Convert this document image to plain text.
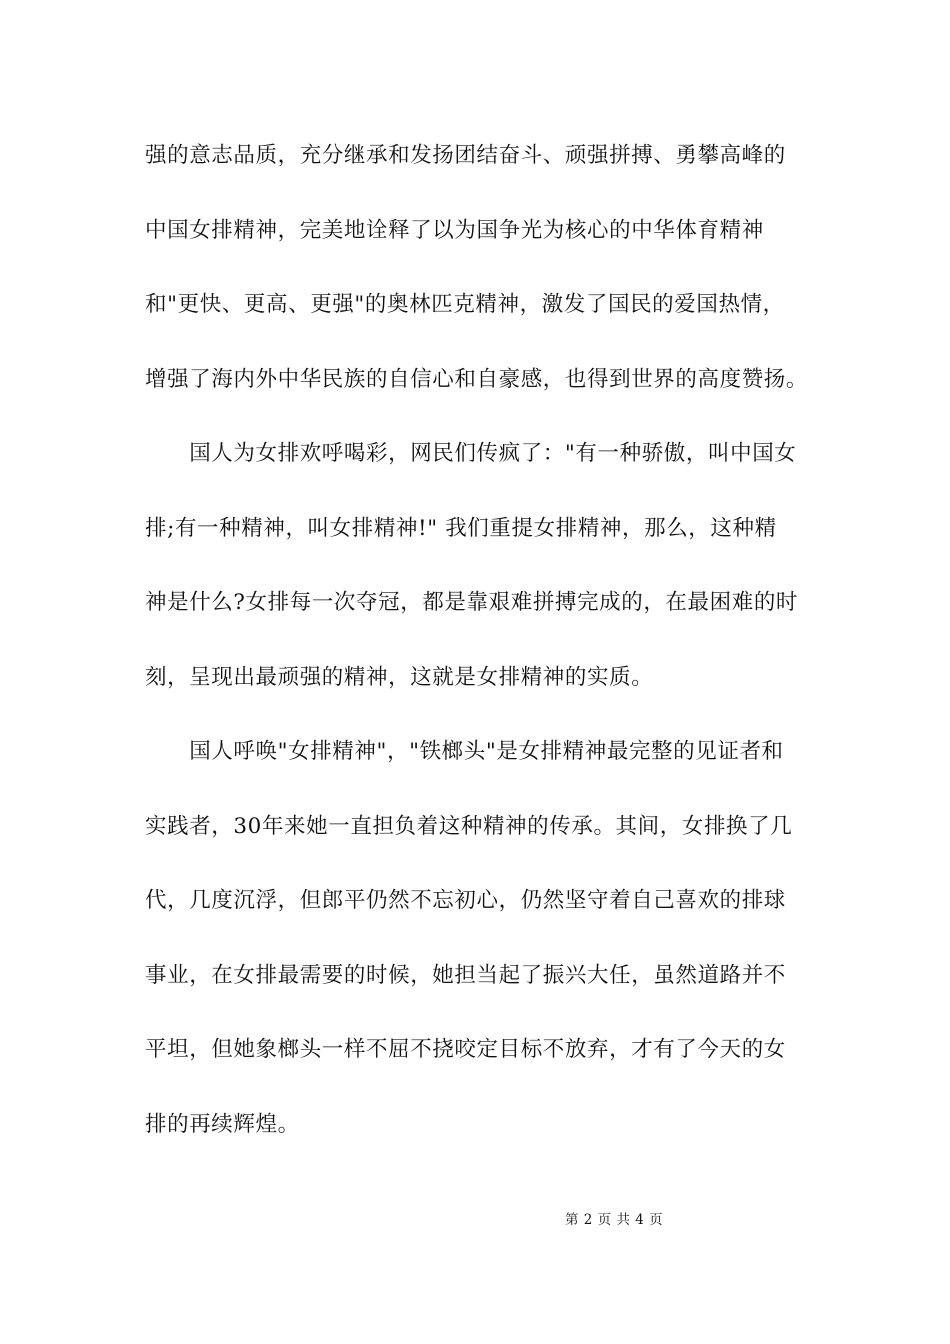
强的意志品质，充分继承和发扬团结奋斗、顽强拼搏、勇攀高峰的
中国女排精神，完美地诠释了以为国争光为核心的中华体育精神
和"更快、更高、更强"的奥林匹克精神，激发了国民的爱国热情，
增强了海内外中华民族的自信心和自豪感，也得到世界的高度赞扬。
　　国人为女排欢呼喝彩，网民们传疯了："有一种骄傲，叫中国女
排;有一种精神，叫女排精神!" 我们重提女排精神，那么，这种精
神是什么?女排每一次夺冠，都是靠艰难拼搏完成的，在最困难的时
刻，呈现出最顽强的精神，这就是女排精神的实质。
　　国人呼唤"女排精神"，"铁榔头"是女排精神最完整的见证者和
实践者，30年来她一直担负着这种精神的传承。其间，女排换了几
代，几度沉浮，但郎平仍然不忘初心，仍然坚守着自己喜欢的排球
事业，在女排最需要的时候，她担当起了振兴大任，虽然道路并不
平坦，但她象榔头一样不屈不挠咬定目标不放弃，才有了今天的女
排的再续辉煌。
第 2 页 共 4 页
